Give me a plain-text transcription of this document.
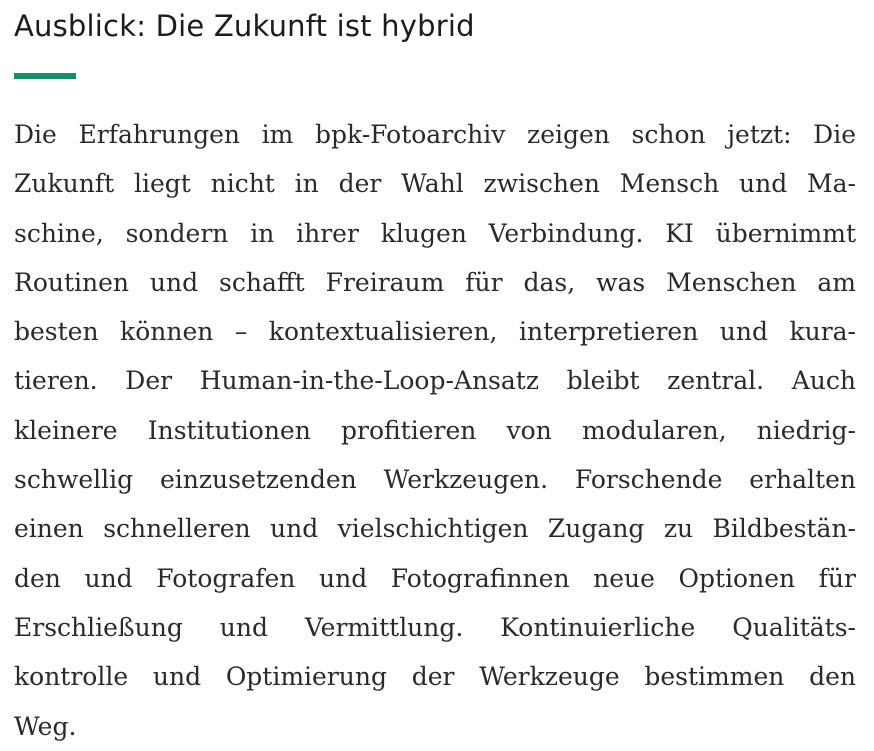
Ausblick: Die Zukunft ist hybrid

Die Erfahrungen im bpk-Fotoarchiv zeigen schon jetzt: Die
Zukunft liegt nicht in der Wahl zwischen Mensch und Ma-
schine, sondern in ihrer klugen Verbindung. KI übernimmt
Routinen und schafft Freiraum für das, was Menschen am
besten können – kontextualisieren, interpretieren und kura-
tieren. Der Human-in-the-Loop-Ansatz bleibt zentral. Auch
kleinere Institutionen profitieren von modularen, niedrig-
schwellig einzusetzenden Werkzeugen. Forschende erhalten
einen schnelleren und vielschichtigen Zugang zu Bildbestän-
den und Fotografen und Fotografinnen neue Optionen für
Erschließung und Vermittlung. Kontinuierliche Qualitäts-
kontrolle und Optimierung der Werkzeuge bestimmen den
Weg.
